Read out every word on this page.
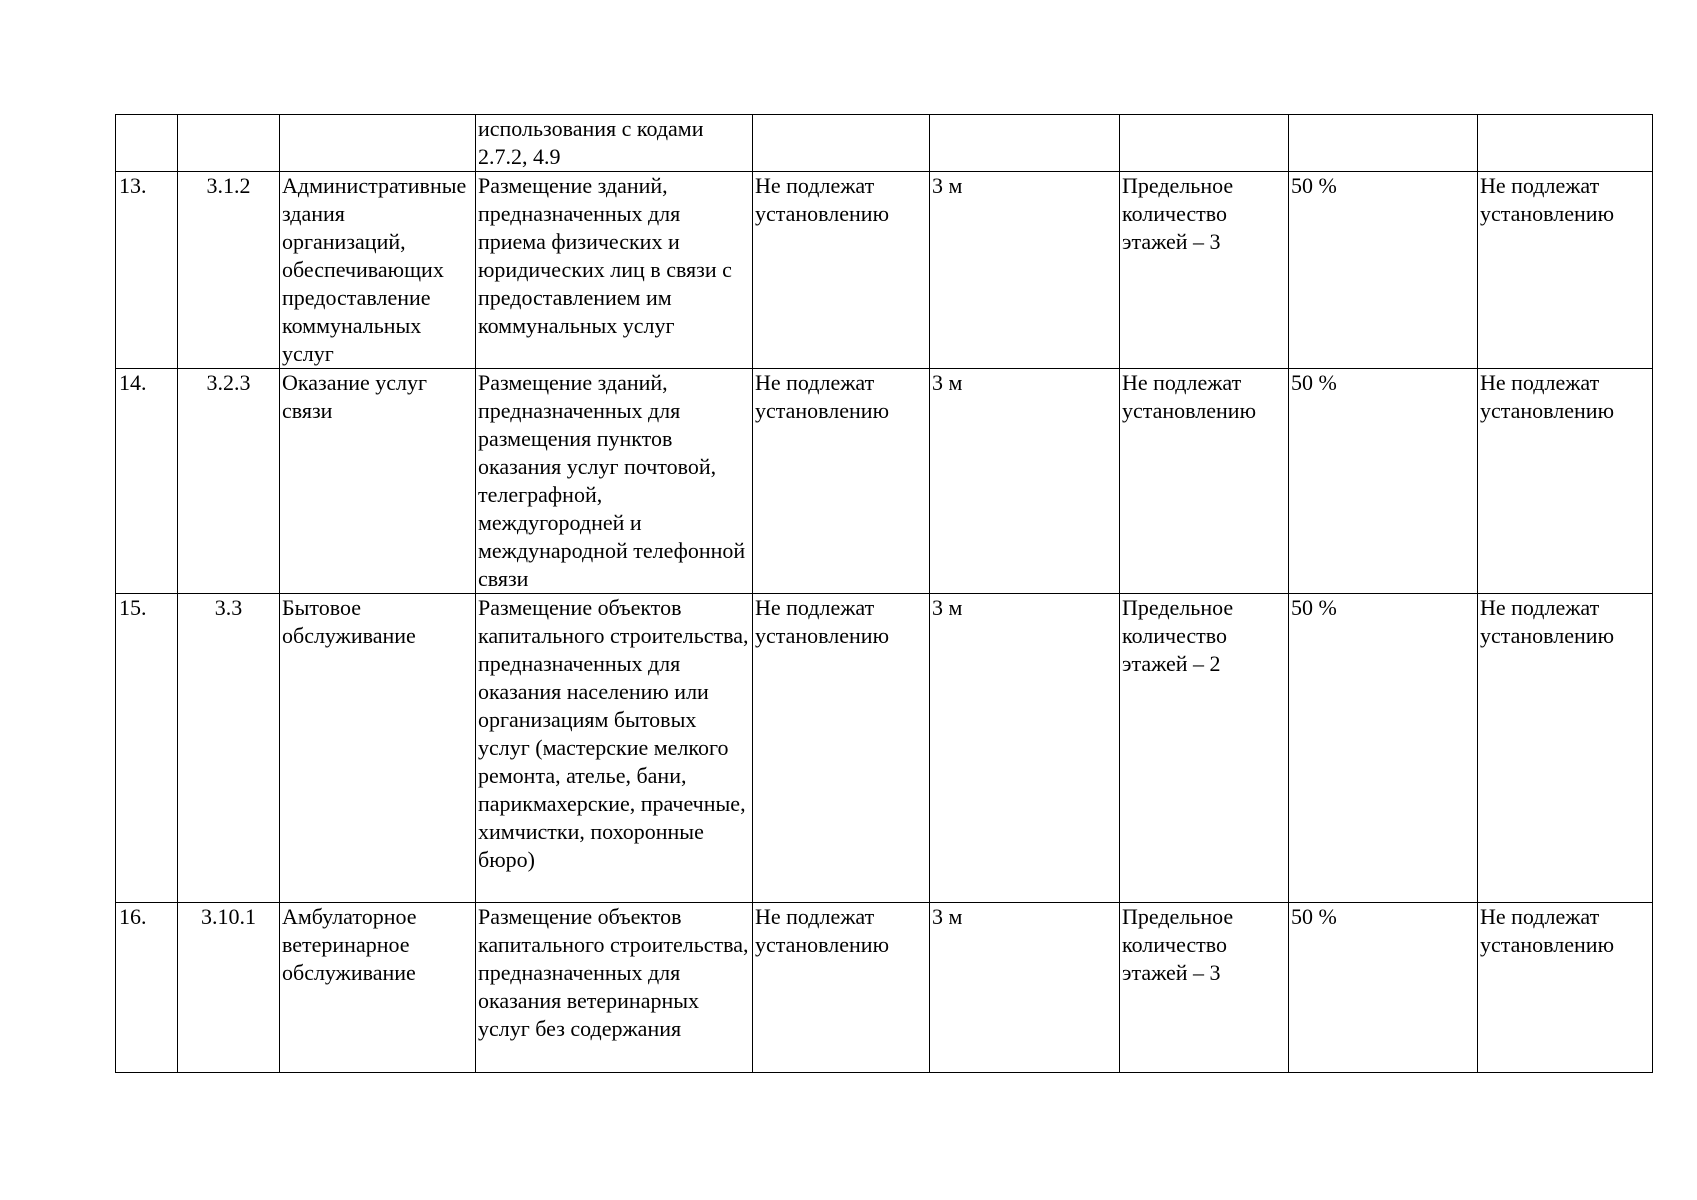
			использования с кодами 2.7.2, 4.9					
13.	3.1.2	Административные здания организаций, обеспечивающих предоставление коммунальных услуг	Размещение зданий, предназначенных для приема физических и юридических лиц в связи с предоставлением им коммунальных услуг	Не подлежат установлению	3 м	Предельное количество этажей – 3	50 %	Не подлежат установлению
14.	3.2.3	Оказание услуг связи	Размещение зданий, предназначенных для размещения пунктов оказания услуг почтовой, телеграфной, междугородней и международной телефонной связи	Не подлежат установлению	3 м	Не подлежат установлению	50 %	Не подлежат установлению
15.	3.3	Бытовое обслуживание	Размещение объектов капитального строительства, предназначенных для оказания населению или организациям бытовых услуг (мастерские мелкого ремонта, ателье, бани, парикмахерские, прачечные, химчистки, похоронные бюро)	Не подлежат установлению	3 м	Предельное количество этажей – 2	50 %	Не подлежат установлению
16.	3.10.1	Амбулаторное ветеринарное обслуживание	Размещение объектов капитального строительства, предназначенных для оказания ветеринарных услуг без содержания	Не подлежат установлению	3 м	Предельное количество этажей – 3	50 %	Не подлежат установлению
